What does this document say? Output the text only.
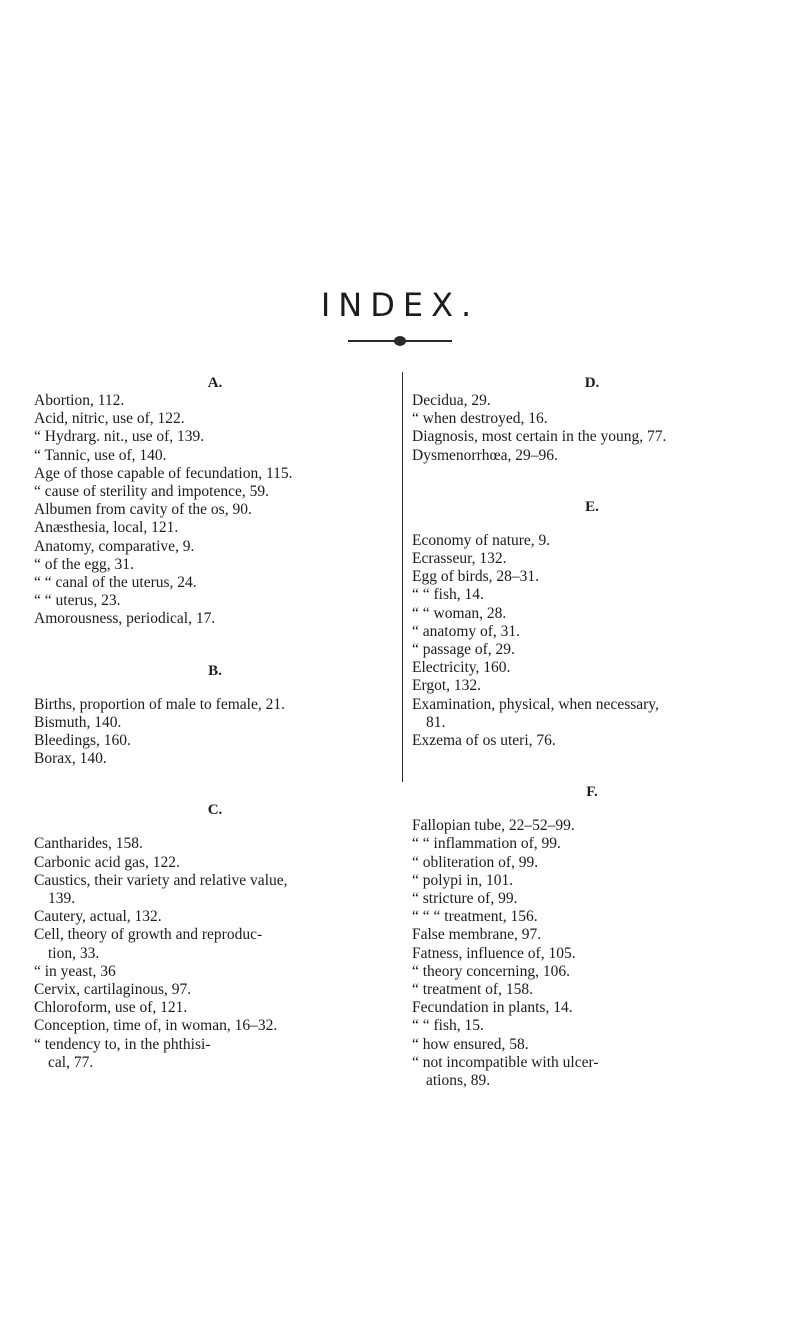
INDEX.
A.
Abortion, 112.
Acid, nitric, use of, 122.
“ Hydrarg. nit., use of, 139.
“ Tannic, use of, 140.
Age of those capable of fecundation, 115.
“ cause of sterility and impotence, 59.
Albumen from cavity of the os, 90.
Anæsthesia, local, 121.
Anatomy, comparative, 9.
“ of the egg, 31.
“ “ canal of the uterus, 24.
“ “ uterus, 23.
Amorousness, periodical, 17.
B.
Births, proportion of male to female, 21.
Bismuth, 140.
Bleedings, 160.
Borax, 140.
C.
Cantharides, 158.
Carbonic acid gas, 122.
Caustics, their variety and relative value,
139.
Cautery, actual, 132.
Cell, theory of growth and reproduc-
tion, 33.
“ in yeast, 36
Cervix, cartilaginous, 97.
Chloroform, use of, 121.
Conception, time of, in woman, 16–32.
“ tendency to, in the phthisi-
cal, 77.
D.
Decidua, 29.
“ when destroyed, 16.
Diagnosis, most certain in the young, 77.
Dysmenorrhœa, 29–96.
E.
Economy of nature, 9.
Ecrasseur, 132.
Egg of birds, 28–31.
“ “ fish, 14.
“ “ woman, 28.
“ anatomy of, 31.
“ passage of, 29.
Electricity, 160.
Ergot, 132.
Examination, physical, when necessary,
81.
Exzema of os uteri, 76.
F.
Fallopian tube, 22–52–99.
“ “ inflammation of, 99.
“ obliteration of, 99.
“ polypi in, 101.
“ stricture of, 99.
“ “ “ treatment, 156.
False membrane, 97.
Fatness, influence of, 105.
“ theory concerning, 106.
“ treatment of, 158.
Fecundation in plants, 14.
“ “ fish, 15.
“ how ensured, 58.
“ not incompatible with ulcer-
ations, 89.
